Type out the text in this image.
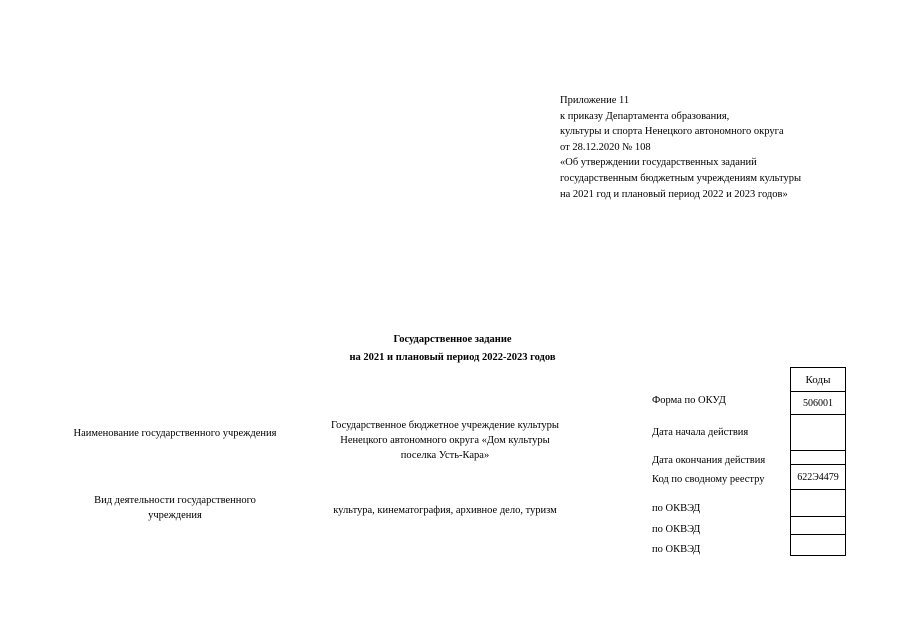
Приложение 11
к приказу Департамента образования,
культуры и спорта Ненецкого автономного округа
от 28.12.2020 № 108
«Об утверждении государственных заданий
государственным бюджетным учреждениям культуры
на 2021 год и плановый период 2022 и 2023 годов»
Государственное задание
на 2021 и плановый период 2022-2023 годов
Наименование государственного учреждения
Государственное бюджетное учреждение культуры
Ненецкого автономного округа «Дом культуры
поселка Усть-Кара»
Вид деятельности государственного
учреждения	культура, кинематография, архивное дело, туризм
Форма по ОКУД
Дата начала действия
Дата окончания действия
Код по сводному реестру
по ОКВЭД
по ОКВЭД
по ОКВЭД
Коды
506001
622Э4479
